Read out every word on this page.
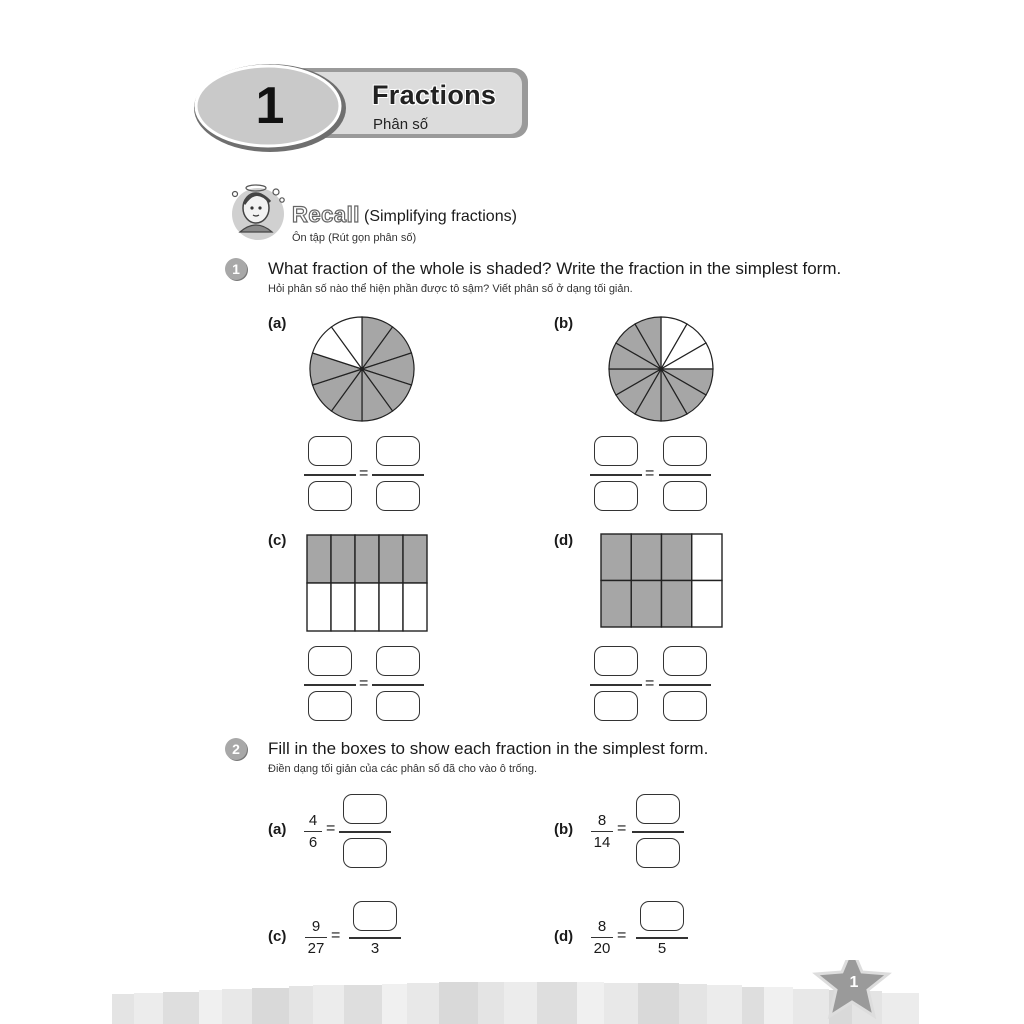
1	Fractions
Phân số
Recall (Simplifying fractions)
Ôn tập (Rút gọn phân số)
1	What fraction of the whole is shaded? Write the fraction in the simplest form.
Hỏi phân số nào thể hiện phần được tô sậm? Viết phân số ở dạng tối giản.
(a)	(b)
(c)	(d)
=	=
=	=
2	Fill in the boxes to show each fraction in the simplest form.
Điền dạng tối giản của các phân số đã cho vào ô trống.
(a)
4
6
=	(b)
8
14
=
(c)
9
27
=
3
(d)
8
20
=
5
1
